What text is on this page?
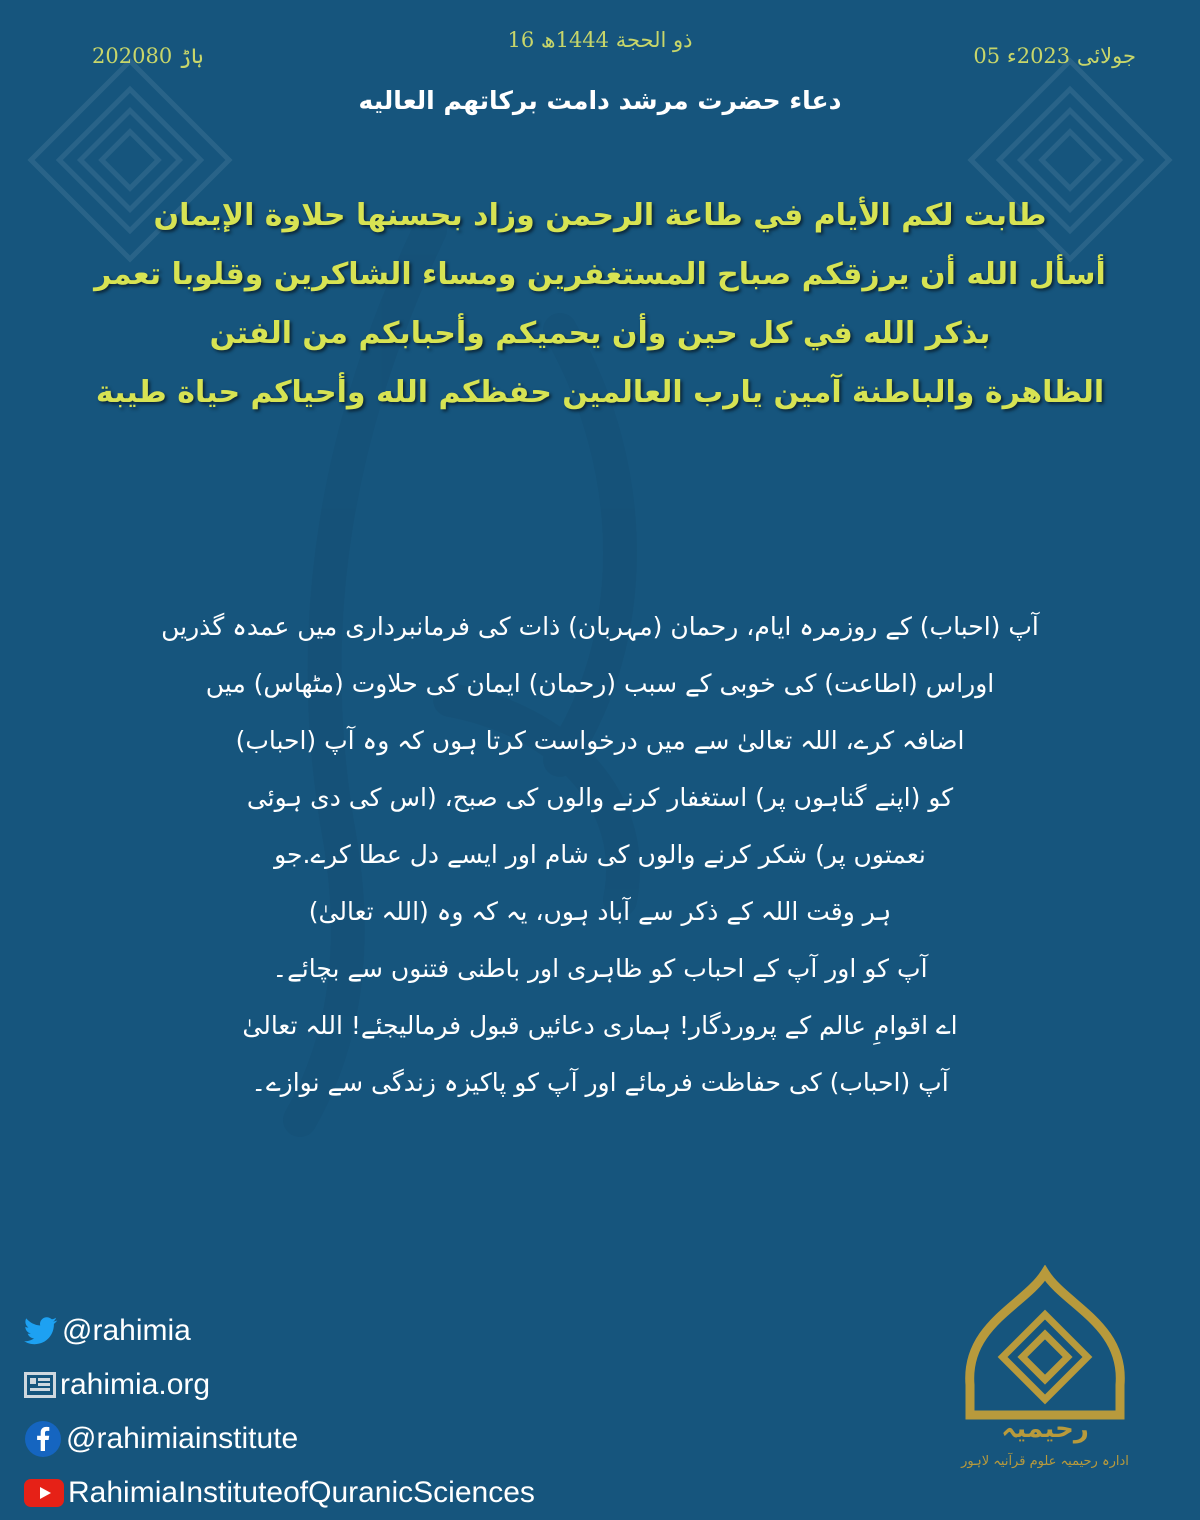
16 ذو الحجة 1444ھ
20ہاڑ 2080	05 جولائی 2023ء
دعاء حضرت مرشد دامت برکاتهم العالیه
طابت لكم الأيام في طاعة الرحمن وزاد بحسنها حلاوة الإيمان
أسأل الله أن يرزقكم صباح المستغفرين ومساء الشاكرين وقلوبا تعمر
بذكر الله في كل حين وأن يحميكم وأحبابكم من الفتن
الظاهرة والباطنة آمين يارب العالمين حفظكم الله وأحياكم حياة طيبة
آپ (احباب) کے روزمرہ ایام، رحمان (مہربان) ذات کی فرمانبرداری میں عمدہ گذریں
اوراس (اطاعت) کی خوبی کے سبب (رحمان) ایمان کی حلاوت (مٹھاس) میں
اضافہ کرے، اللہ تعالیٰ سے میں درخواست کرتا ہوں کہ وہ آپ (احباب)
کو (اپنے گناہوں پر) استغفار کرنے والوں کی صبح، (اس کی دی ہوئی
نعمتوں پر) شکر کرنے والوں کی شام اور ایسے دل عطا کرے.جو
ہر وقت اللہ کے ذکر سے آباد ہوں، یہ کہ وہ (اللہ تعالیٰ)
آپ کو اور آپ کے احباب کو ظاہری اور باطنی فتنوں سے بچائے۔
اے اقوامِ عالم کے پروردگار! ہماری دعائیں قبول فرمالیجئے! اللہ تعالیٰ
آپ (احباب) کی حفاظت فرمائے اور آپ کو پاکیزہ زندگی سے نوازے۔
@rahimia
rahimia.org
@rahimiainstitute
RahimiaInstituteofQuranicSciences
رحیمیہ
ادارہ رحیمیہ علوم قرآنیہ لاہور
